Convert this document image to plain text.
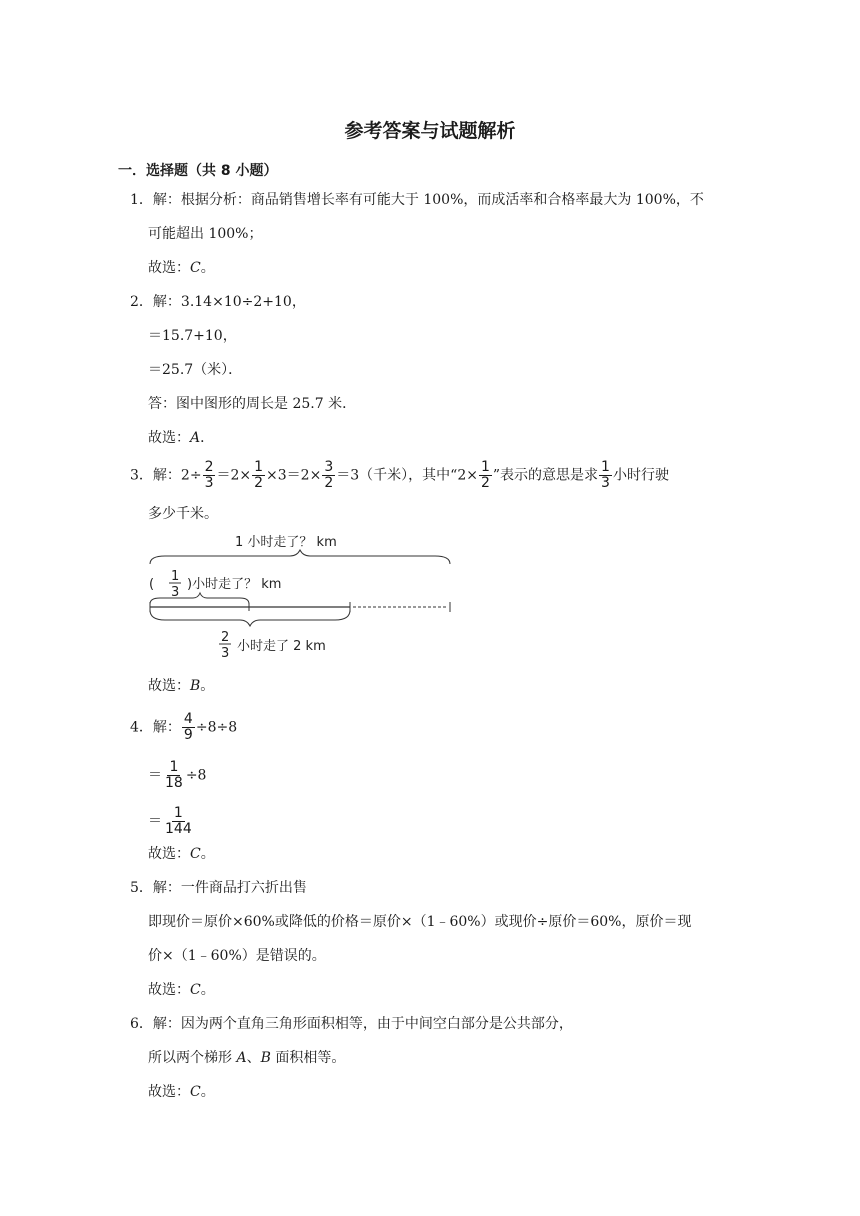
参考答案与试题解析
一．选择题（共 8 小题）
1．解：根据分析：商品销售增长率有可能大于 100%，而成活率和合格率最大为 100%，不
可能超出 100%；
故选：C。
2．解：3.14×10÷2+10，
＝15.7+10，
＝25.7（米）．
答：图中图形的周长是 25.7 米．
故选：A．
3．解：$2\div \frac{2}{3} =2\times \frac{1}{2} \times 3=2\times \frac{3}{2} =3$（千米），其中“$2\times \frac{1}{2}$ ”表示的意思是求 $\frac{1}{3}$ 小时行驶
多少千米。
1 小时走了？ km
(
1
3
)小时走了？ km
2
3 小时走了 2 km
故选：B。
4．解： $\frac{4}{9} \div 8\div 8$
＝ $\frac{1}{18} \div 8$
＝ $\frac{1}{144}$
故选：C。
5．解：一件商品打六折出售
即现价＝原价×60%或降低的价格＝原价×（1﹣60%）或现价÷原价＝60%，原价＝现
价×（1﹣60%）是错误的。
故选：C。
6．解：因为两个直角三角形面积相等，由于中间空白部分是公共部分，
所以两个梯形 A、B 面积相等。
故选：C。
